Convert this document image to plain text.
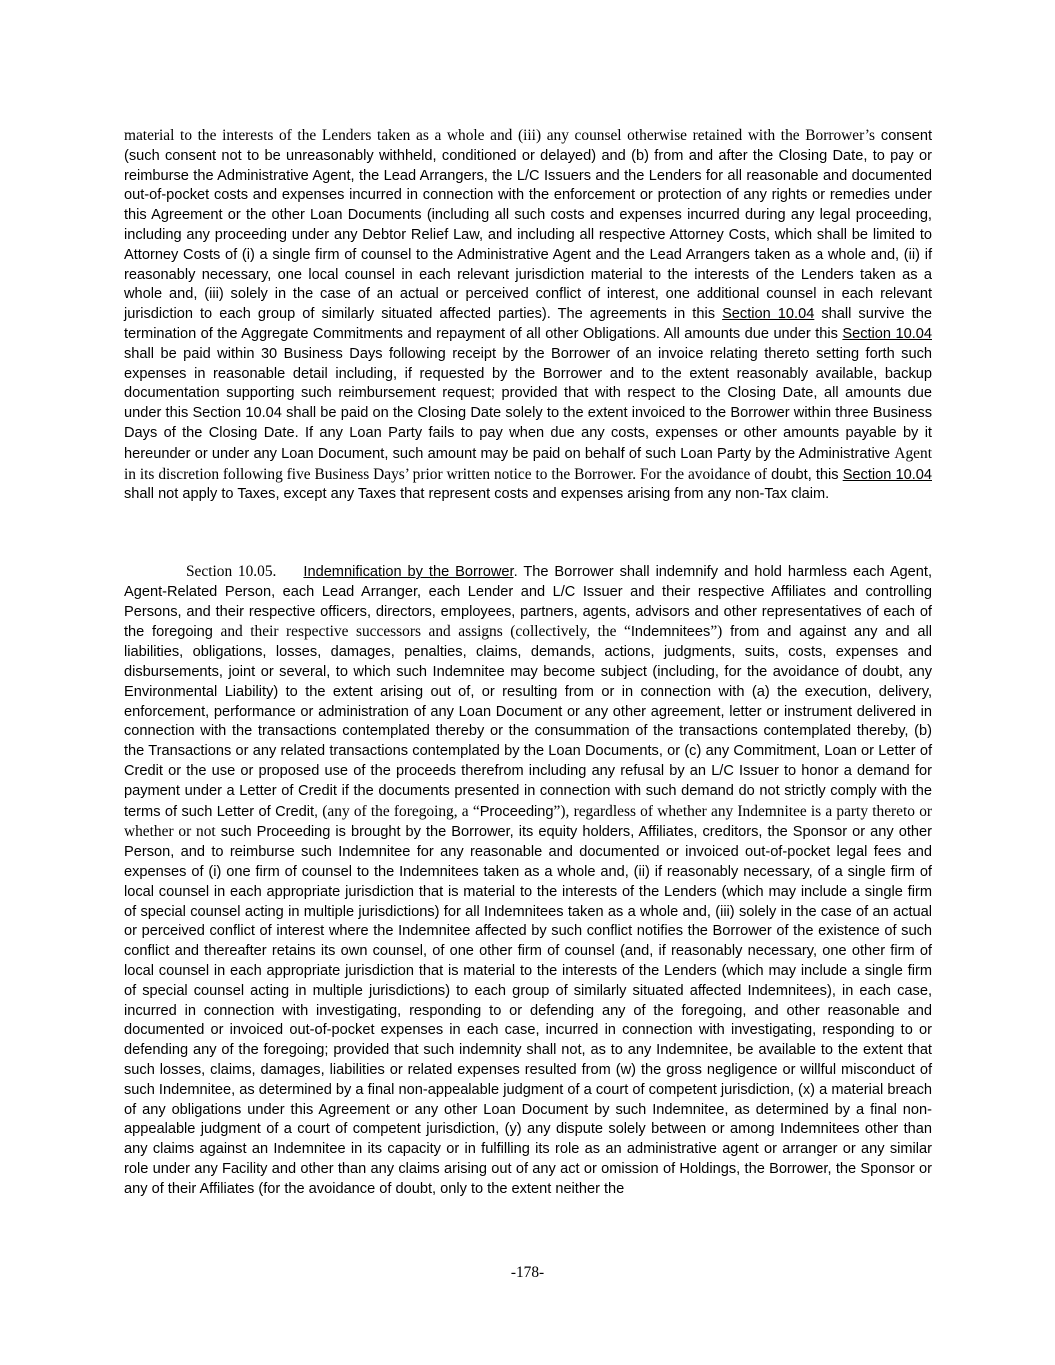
material to the interests of the Lenders taken as a whole and (iii) any counsel otherwise retained with the Borrower’s consent (such consent not to be unreasonably withheld, conditioned or delayed) and (b) from and after the Closing Date, to pay or reimburse the Administrative Agent, the Lead Arrangers, the L/C Issuers and the Lenders for all reasonable and documented out-of-pocket costs and expenses incurred in connection with the enforcement or protection of any rights or remedies under this Agreement or the other Loan Documents (including all such costs and expenses incurred during any legal proceeding, including any proceeding under any Debtor Relief Law, and including all respective Attorney Costs, which shall be limited to Attorney Costs of (i) a single firm of counsel to the Administrative Agent and the Lead Arrangers taken as a whole and, (ii) if reasonably necessary, one local counsel in each relevant jurisdiction material to the interests of the Lenders taken as a whole and, (iii) solely in the case of an actual or perceived conflict of interest, one additional counsel in each relevant jurisdiction to each group of similarly situated affected parties). The agreements in this Section 10.04 shall survive the termination of the Aggregate Commitments and repayment of all other Obligations. All amounts due under this Section 10.04 shall be paid within 30 Business Days following receipt by the Borrower of an invoice relating thereto setting forth such expenses in reasonable detail including, if requested by the Borrower and to the extent reasonably available, backup documentation supporting such reimbursement request; provided that with respect to the Closing Date, all amounts due under this Section 10.04 shall be paid on the Closing Date solely to the extent invoiced to the Borrower within three Business Days of the Closing Date. If any Loan Party fails to pay when due any costs, expenses or other amounts payable by it hereunder or under any Loan Document, such amount may be paid on behalf of such Loan Party by the Administrative Agent in its discretion following five Business Days’ prior written notice to the Borrower. For the avoidance of doubt, this Section 10.04 shall not apply to Taxes, except any Taxes that represent costs and expenses arising from any non-Tax claim.
Section 10.05. Indemnification by the Borrower. The Borrower shall indemnify and hold harmless each Agent, Agent-Related Person, each Lead Arranger, each Lender and L/C Issuer and their respective Affiliates and controlling Persons, and their respective officers, directors, employees, partners, agents, advisors and other representatives of each of the foregoing and their respective successors and assigns (collectively, the “Indemnitees”) from and against any and all liabilities, obligations, losses, damages, penalties, claims, demands, actions, judgments, suits, costs, expenses and disbursements, joint or several, to which such Indemnitee may become subject (including, for the avoidance of doubt, any Environmental Liability) to the extent arising out of, or resulting from or in connection with (a) the execution, delivery, enforcement, performance or administration of any Loan Document or any other agreement, letter or instrument delivered in connection with the transactions contemplated thereby or the consummation of the transactions contemplated thereby, (b) the Transactions or any related transactions contemplated by the Loan Documents, or (c) any Commitment, Loan or Letter of Credit or the use or proposed use of the proceeds therefrom including any refusal by an L/C Issuer to honor a demand for payment under a Letter of Credit if the documents presented in connection with such demand do not strictly comply with the terms of such Letter of Credit, (any of the foregoing, a “Proceeding”), regardless of whether any Indemnitee is a party thereto or whether or not such Proceeding is brought by the Borrower, its equity holders, Affiliates, creditors, the Sponsor or any other Person, and to reimburse such Indemnitee for any reasonable and documented or invoiced out-of-pocket legal fees and expenses of (i) one firm of counsel to the Indemnitees taken as a whole and, (ii) if reasonably necessary, of a single firm of local counsel in each appropriate jurisdiction that is material to the interests of the Lenders (which may include a single firm of special counsel acting in multiple jurisdictions) for all Indemnitees taken as a whole and, (iii) solely in the case of an actual or perceived conflict of interest where the Indemnitee affected by such conflict notifies the Borrower of the existence of such conflict and thereafter retains its own counsel, of one other firm of counsel (and, if reasonably necessary, one other firm of local counsel in each appropriate jurisdiction that is material to the interests of the Lenders (which may include a single firm of special counsel acting in multiple jurisdictions) to each group of similarly situated affected Indemnitees), in each case, incurred in connection with investigating, responding to or defending any of the foregoing, and other reasonable and documented or invoiced out-of-pocket expenses in each case, incurred in connection with investigating, responding to or defending any of the foregoing; provided that such indemnity shall not, as to any Indemnitee, be available to the extent that such losses, claims, damages, liabilities or related expenses resulted from (w) the gross negligence or willful misconduct of such Indemnitee, as determined by a final non-appealable judgment of a court of competent jurisdiction, (x) a material breach of any obligations under this Agreement or any other Loan Document by such Indemnitee, as determined by a final non-appealable judgment of a court of competent jurisdiction, (y) any dispute solely between or among Indemnitees other than any claims against an Indemnitee in its capacity or in fulfilling its role as an administrative agent or arranger or any similar role under any Facility and other than any claims arising out of any act or omission of Holdings, the Borrower, the Sponsor or any of their Affiliates (for the avoidance of doubt, only to the extent neither the
-178-
